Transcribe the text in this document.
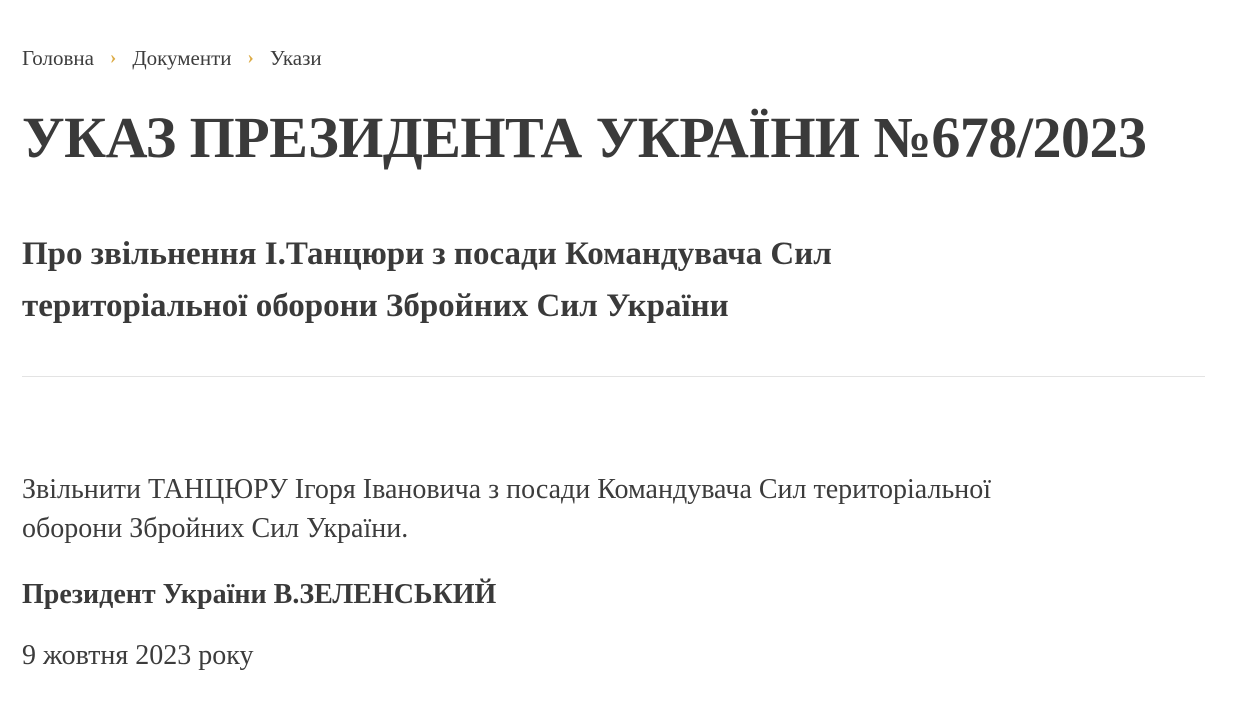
Головна › Документи › Укази
УКАЗ ПРЕЗИДЕНТА УКРАЇНИ №678/2023
Про звільнення І.Танцюри з посади Командувача Сил
територіальної оборони Збройних Сил України
Звільнити ТАНЦЮРУ Ігоря Івановича з посади Командувача Сил територіальної
оборони Збройних Сил України.
Президент України В.ЗЕЛЕНСЬКИЙ
9 жовтня 2023 року
